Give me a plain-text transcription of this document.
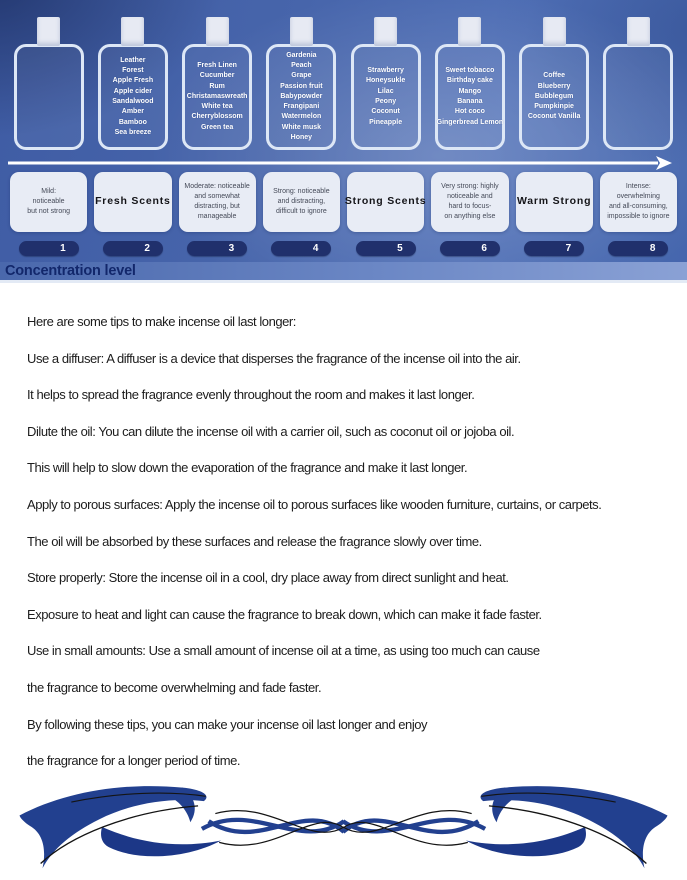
Leather
Forest
Apple Fresh
Apple cider
Sandalwood
Amber
Bamboo
Sea breeze
Fresh Linen
Cucumber
Rum
Christamaswreath
White tea
Cherryblossom
Green tea
Gardenia
Peach
Grape
Passion fruit
Babypowder
Frangipani
Watermelon
White musk
Honey
Strawberry
Honeysukle
Lilac
Peony
Coconut
Pineapple
Sweet tobacco
Birthday cake
Mango
Banana
Hot coco
Gingerbread Lemon
Coffee
Blueberry
Bubblegum
Pumpkinpie
Coconut Vanilla
Mild:
noticeable
but not strong
Fresh Scents
Moderate: noticeable
and somewhat
distracting, but
manageable
Strong: noticeable
and distracting,
difficult to ignore
Strong Scents
Very strong: highly
noticeable and
hard to focus-
on anything else
Warm Strong
Intense:
overwhelming
and all-consuming,
impossible to ignore
1	2	3	4	5	6	7	8
Concentration level
Here are some tips to make incense oil last longer:
Use a diffuser: A diffuser is a device that disperses the fragrance of the incense oil into the air.
It helps to spread the fragrance evenly throughout the room and makes it last longer.
Dilute the oil: You can dilute the incense oil with a carrier oil, such as coconut oil or jojoba oil.
This will help to slow down the evaporation of the fragrance and make it last longer.
Apply to porous surfaces: Apply the incense oil to porous surfaces like wooden furniture, curtains, or carpets.
The oil will be absorbed by these surfaces and release the fragrance slowly over time.
Store properly: Store the incense oil in a cool, dry place away from direct sunlight and heat.
Exposure to heat and light can cause the fragrance to break down, which can make it fade faster.
Use in small amounts: Use a small amount of incense oil at a time, as using too much can cause
the fragrance to become overwhelming and fade faster.
By following these tips, you can make your incense oil last longer and enjoy
the fragrance for a longer period of time.
